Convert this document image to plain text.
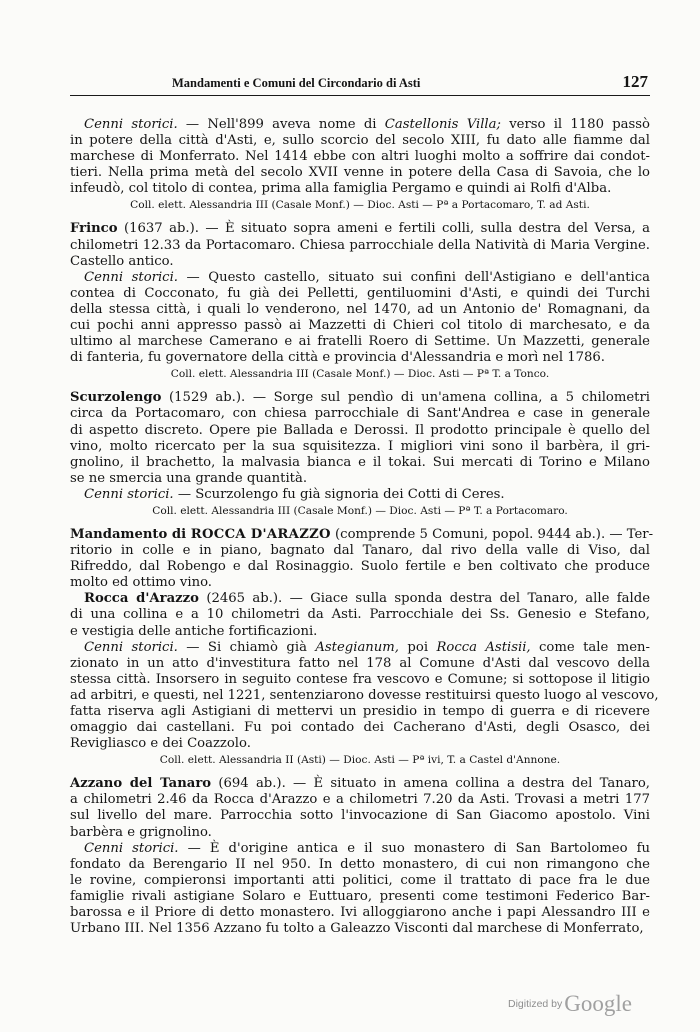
Mandamenti e Comuni del Circondario di Asti	127
Cenni storici. — Nell'899 aveva nome di Castellonis Villa; verso il 1180 passò
in potere della città d'Asti, e, sullo scorcio del secolo XIII, fu dato alle fiamme dal
marchese di Monferrato. Nel 1414 ebbe con altri luoghi molto a soffrire dai condot-
tieri. Nella prima metà del secolo XVII venne in potere della Casa di Savoia, che lo
infeudò, col titolo di contea, prima alla famiglia Pergamo e quindi ai Rolfi d'Alba.
Coll. elett. Alessandria III (Casale Monf.) — Dioc. Asti — Pª a Portacomaro, T. ad Asti.
Frinco (1637 ab.). — È situato sopra ameni e fertili colli, sulla destra del Versa, a
chilometri 12.33 da Portacomaro. Chiesa parrocchiale della Natività di Maria Vergine.
Castello antico.
Cenni storici. — Questo castello, situato sui confini dell'Astigiano e dell'antica
contea di Cocconato, fu già dei Pelletti, gentiluomini d'Asti, e quindi dei Turchi
della stessa città, i quali lo venderono, nel 1470, ad un Antonio de' Romagnani, da
cui pochi anni appresso passò ai Mazzetti di Chieri col titolo di marchesato, e da
ultimo al marchese Camerano e ai fratelli Roero di Settime. Un Mazzetti, generale
di fanteria, fu governatore della città e provincia d'Alessandria e morì nel 1786.
Coll. elett. Alessandria III (Casale Monf.) — Dioc. Asti — Pª T. a Tonco.
Scurzolengo (1529 ab.). — Sorge sul pendìo di un'amena collina, a 5 chilometri
circa da Portacomaro, con chiesa parrocchiale di Sant'Andrea e case in generale
di aspetto discreto. Opere pie Ballada e Derossi. Il prodotto principale è quello del
vino, molto ricercato per la sua squisitezza. I migliori vini sono il barbèra, il gri-
gnolino, il brachetto, la malvasia bianca e il tokai. Sui mercati di Torino e Milano
se ne smercia una grande quantità.
Cenni storici. — Scurzolengo fu già signoria dei Cotti di Ceres.
Coll. elett. Alessandria III (Casale Monf.) — Dioc. Asti — Pª T. a Portacomaro.
Mandamento di ROCCA D'ARAZZO (comprende 5 Comuni, popol. 9444 ab.). — Ter-
ritorio in colle e in piano, bagnato dal Tanaro, dal rivo della valle di Viso, dal
Rifreddo, dal Robengo e dal Rosinaggio. Suolo fertile e ben coltivato che produce
molto ed ottimo vino.
Rocca d'Arazzo (2465 ab.). — Giace sulla sponda destra del Tanaro, alle falde
di una collina e a 10 chilometri da Asti. Parrocchiale dei Ss. Genesio e Stefano,
e vestigia delle antiche fortificazioni.
Cenni storici. — Si chiamò già Astegianum, poi Rocca Astisii, come tale men-
zionato in un atto d'investitura fatto nel 178 al Comune d'Asti dal vescovo della
stessa città. Insorsero in seguito contese fra vescovo e Comune; si sottopose il litigio
ad arbitri, e questi, nel 1221, sentenziarono dovesse restituirsi questo luogo al vescovo,
fatta riserva agli Astigiani di mettervi un presidio in tempo di guerra e di ricevere
omaggio dai castellani. Fu poi contado dei Cacherano d'Asti, degli Osasco, dei
Revigliasco e dei Coazzolo.
Coll. elett. Alessandria II (Asti) — Dioc. Asti — Pª ivi, T. a Castel d'Annone.
Azzano del Tanaro (694 ab.). — È situato in amena collina a destra del Tanaro,
a chilometri 2.46 da Rocca d'Arazzo e a chilometri 7.20 da Asti. Trovasi a metri 177
sul livello del mare. Parrocchia sotto l'invocazione di San Giacomo apostolo. Vini
barbèra e grignolino.
Cenni storici. — È d'origine antica e il suo monastero di San Bartolomeo fu
fondato da Berengario II nel 950. In detto monastero, di cui non rimangono che
le rovine, compieronsi importanti atti politici, come il trattato di pace fra le due
famiglie rivali astigiane Solaro e Euttuaro, presenti come testimoni Federico Bar-
barossa e il Priore di detto monastero. Ivi alloggiarono anche i papi Alessandro III e
Urbano III. Nel 1356 Azzano fu tolto a Galeazzo Visconti dal marchese di Monferrato,
$^{Digitized by}$Google
